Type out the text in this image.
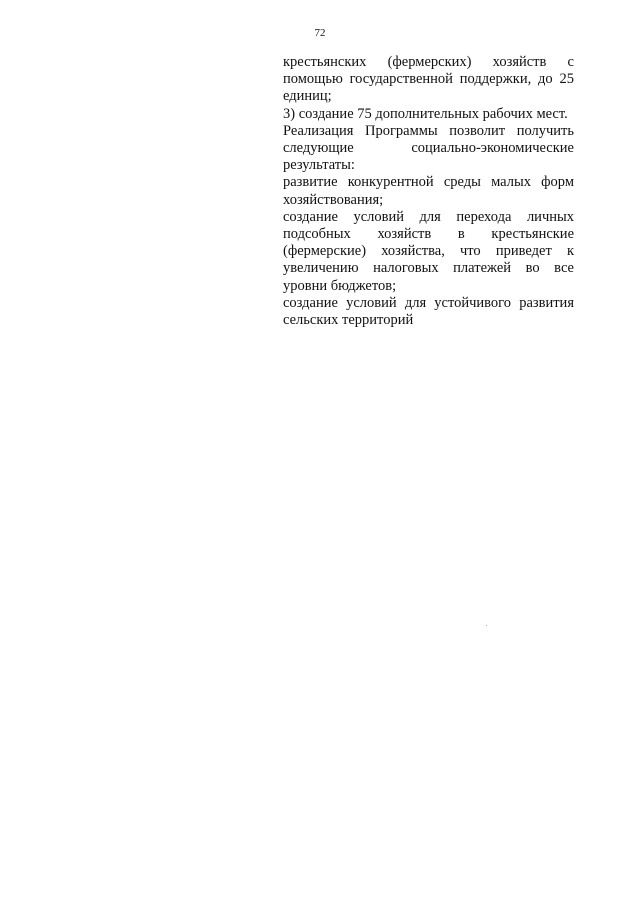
72

крестьянских (фермерских) хозяйств с помощью государственной поддержки, до 25 единиц;

3) создание 75 дополнительных рабочих мест.

Реализация Программы позволит получить следующие социально-экономические результаты:

развитие конкурентной среды малых форм хозяйствования;

создание условий для перехода личных подсобных хозяйств в крестьянские (фермерские) хозяйства, что приведет к увеличению налоговых платежей во все уровни бюджетов;

создание условий для устойчивого развития сельских территорий
